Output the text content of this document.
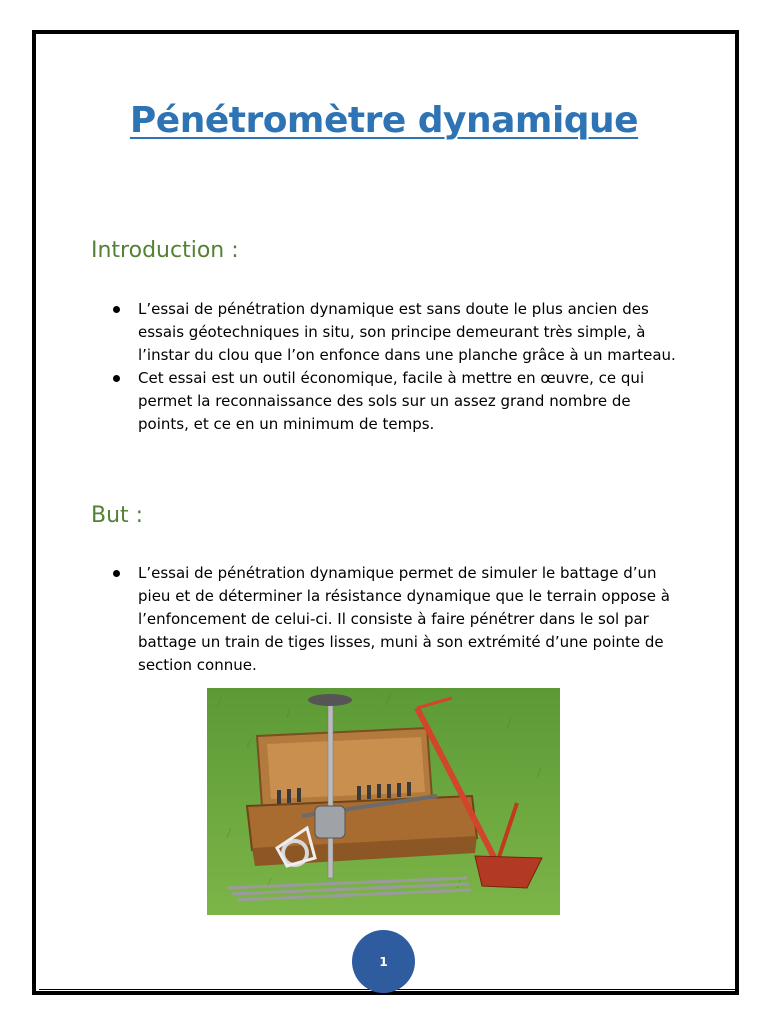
Pénétromètre dynamique
Introduction :
L’essai de pénétration dynamique est sans doute le plus ancien des essais géotechniques in situ, son principe demeurant très simple, à l’instar du clou que l’on enfonce dans une planche grâce à un marteau.
Cet essai est un outil économique, facile à mettre en œuvre, ce qui permet la reconnaissance des sols sur un assez grand nombre de points, et ce en un minimum de temps.
But :
L’essai de pénétration dynamique permet de simuler le battage d’un pieu et de déterminer la résistance dynamique que le terrain oppose à l’enfoncement de celui-ci. Il consiste à faire pénétrer dans le sol par battage un train de tiges lisses, muni à son extrémité d’une pointe de section connue.
1
